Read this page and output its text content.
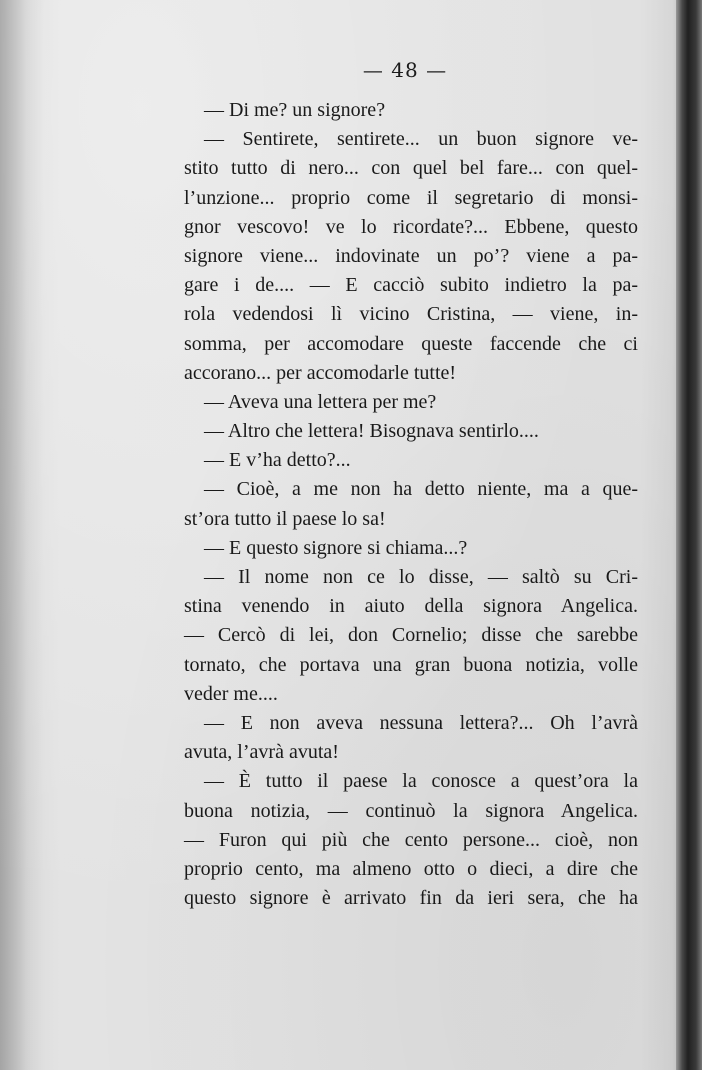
— 48 —
— Di me? un signore?
— Sentirete, sentirete... un buon signore ve-
stito tutto di nero... con quel bel fare... con quel-
l’unzione... proprio come il segretario di monsi-
gnor vescovo! ve lo ricordate?... Ebbene, questo
signore viene... indovinate un po’? viene a pa-
gare i de.... — E cacciò subito indietro la pa-
rola vedendosi lì vicino Cristina, — viene, in-
somma, per accomodare queste faccende che ci
accorano... per accomodarle tutte!
— Aveva una lettera per me?
— Altro che lettera! Bisognava sentirlo....
— E v’ha detto?...
— Cioè, a me non ha detto niente, ma a que-
st’ora tutto il paese lo sa!
— E questo signore si chiama...?
— Il nome non ce lo disse, — saltò su Cri-
stina venendo in aiuto della signora Angelica.
— Cercò di lei, don Cornelio; disse che sarebbe
tornato, che portava una gran buona notizia, volle
veder me....
— E non aveva nessuna lettera?... Oh l’avrà
avuta, l’avrà avuta!
— È tutto il paese la conosce a quest’ora la
buona notizia, — continuò la signora Angelica.
— Furon qui più che cento persone... cioè, non
proprio cento, ma almeno otto o dieci, a dire che
questo signore è arrivato fin da ieri sera, che ha
